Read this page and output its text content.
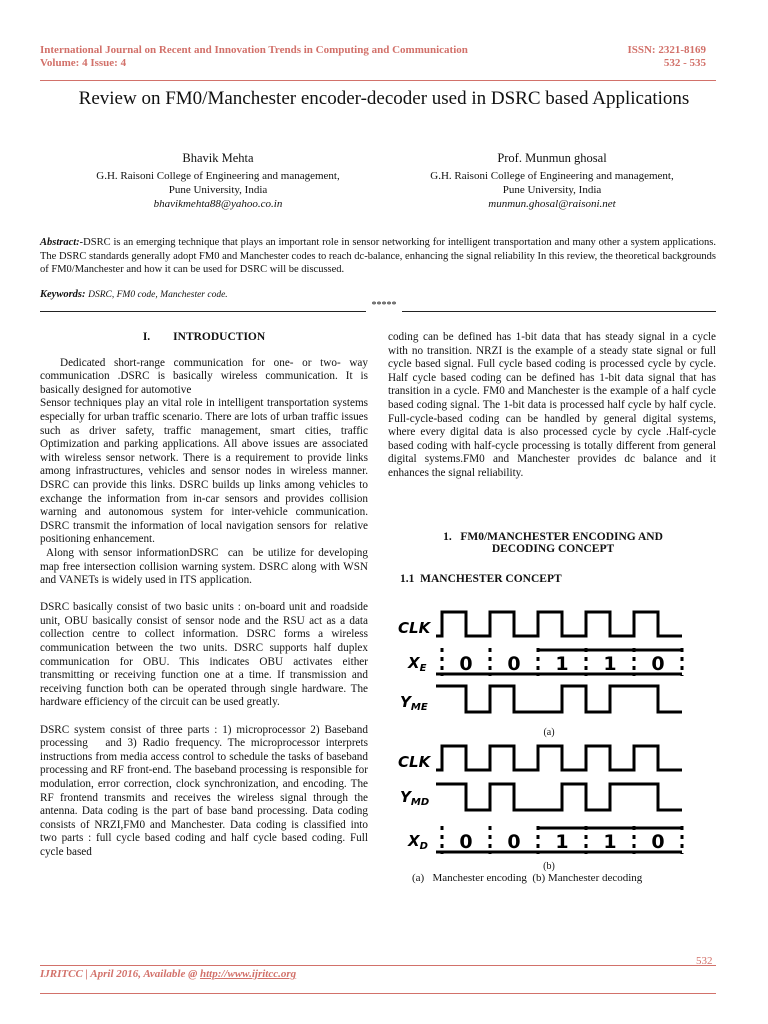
International Journal on Recent and Innovation Trends in Computing and Communication
Volume: 4 Issue: 4
ISSN: 2321-8169
532 - 535
Review on FM0/Manchester encoder-decoder used in DSRC based Applications
Bhavik Mehta
G.H. Raisoni College of Engineering and management,
Pune University, India
bhavikmehta88@yahoo.co.in
Prof. Munmun ghosal
G.H. Raisoni College of Engineering and management,
Pune University, India
munmun.ghosal@raisoni.net
Abstract:-DSRC is an emerging technique that plays an important role in sensor networking for intelligent transportation and many other a system applications. The DSRC standards generally adopt FM0 and Manchester codes to reach dc-balance, enhancing the signal reliability In this review, the theoretical backgrounds of FM0/Manchester and how it can be used for DSRC will be discussed.
Keywords: DSRC, FM0 code, Manchester code.
*****
I.        INTRODUCTION

Dedicated short-range communication for one- or two- way communication .DSRC is basically wireless communication. It is basically designed for automotive

Sensor techniques play an vital role in intelligent transportation systems especially for urban traffic scenario. There are lots of urban traffic issues such as driver safety, traffic management, smart cities, traffic Optimization and parking applications. All above issues are associated with wireless sensor network. There is a requirement to provide links among infrastructures, vehicles and sensor nodes in wireless manner. DSRC can provide this links. DSRC builds up links among vehicles to exchange the information from in-car sensors and provides collision warning and autonomous system for inter-vehicle communication. DSRC transmit the information of local navigation sensors for  relative positioning enhancement.

Along with sensor informationDSRC  can  be utilize for developing map free intersection collision warning system. DSRC along with WSN and VANETs is widely used in ITS application.

DSRC basically consist of two basic units : on-board unit and roadside unit, OBU basically consist of sensor node and the RSU act as a data collection centre to collect information. DSRC forms a wireless communication between the two units. DSRC supports half duplex communication for OBU. This indicates OBU activates either transmitting or receiving function one at a time. If transmission and receiving function both can be operated through single hardware. The hardware efficiency of the circuit can be used greatly.

DSRC system consist of three parts : 1) microprocessor 2) Baseband processing   and 3) Radio frequency. The microprocessor interprets instructions from media access control to schedule the tasks of baseband processing and RF front-end. The baseband processing is responsible for modulation, error correction, clock synchronization, and encoding. The RF frontend transmits and receives the wireless signal through the antenna. Data coding is the part of base band processing. Data coding consists of NRZI,FM0 and Manchester. Data coding is classified into two parts : full cycle based coding and half cycle based coding. Full cycle based

coding can be defined has 1-bit data that has steady signal in a cycle with no transition. NRZI is the example of a steady state signal or full cycle based signal. Full cycle based coding is processed cycle by cycle. Half cycle based coding can be defined has 1-bit data signal that has transition in a cycle. FM0 and Manchester is the example of a half cycle based coding signal. The 1-bit data is processed half cycle by half cycle. Full-cycle-based coding can be handled by general digital systems, where every digital data is also processed cycle by cycle .Half-cycle based coding with half-cycle processing is totally different from general digital systems.FM0 and Manchester provides dc balance and it enhances the signal reliability.

1.   FM0/MANCHESTER ENCODING AND DECODING CONCEPT
1.1  MANCHESTER CONCEPT
CLK
$X_E$
$Y_{ME}$
0 0 1 1 0
(a)
CLK
$Y_{MD}$
$X_D$ 0 0 1 1 0
(b)
(a)   Manchester encoding  (b) Manchester decoding
532
IJRITCC | April 2016, Available @ http://www.ijritcc.org
